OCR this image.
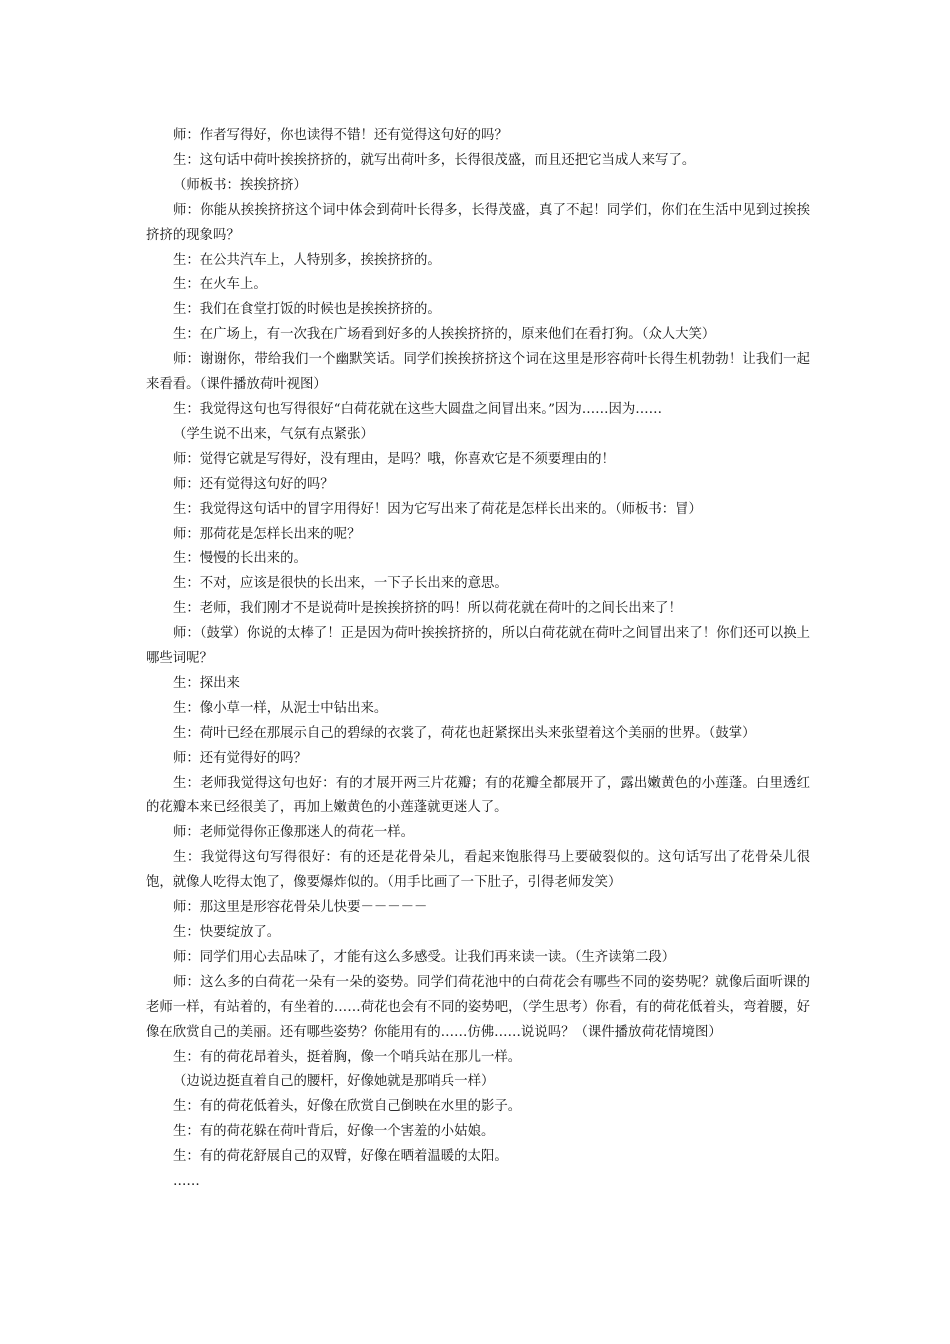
师：作者写得好，你也读得不错！还有觉得这句好的吗？

生：这句话中荷叶挨挨挤挤的，就写出荷叶多，长得很茂盛，而且还把它当成人来写了。

（师板书：挨挨挤挤）

师：你能从挨挨挤挤这个词中体会到荷叶长得多，长得茂盛，真了不起！同学们，你们在生活中见到过挨挨挤挤的现象吗？

生：在公共汽车上，人特别多，挨挨挤挤的。

生：在火车上。

生：我们在食堂打饭的时候也是挨挨挤挤的。

生：在广场上，有一次我在广场看到好多的人挨挨挤挤的，原来他们在看打狗。（众人大笑）

师：谢谢你，带给我们一个幽默笑话。同学们挨挨挤挤这个词在这里是形容荷叶长得生机勃勃！让我们一起来看看。（课件播放荷叶视图）

生：我觉得这句也写得很好“白荷花就在这些大圆盘之间冒出来。”因为……因为……

（学生说不出来，气氛有点紧张）

师：觉得它就是写得好，没有理由，是吗？哦，你喜欢它是不须要理由的！

师：还有觉得这句好的吗？

生：我觉得这句话中的冒字用得好！因为它写出来了荷花是怎样长出来的。（师板书：冒）

师：那荷花是怎样长出来的呢？

生：慢慢的长出来的。

生：不对，应该是很快的长出来，一下子长出来的意思。

生：老师，我们刚才不是说荷叶是挨挨挤挤的吗！所以荷花就在荷叶的之间长出来了！

师：（鼓掌）你说的太棒了！正是因为荷叶挨挨挤挤的，所以白荷花就在荷叶之间冒出来了！你们还可以换上哪些词呢？

生：探出来

生：像小草一样，从泥士中钻出来。

生：荷叶已经在那展示自己的碧绿的衣裳了，荷花也赶紧探出头来张望着这个美丽的世界。（鼓掌）

师：还有觉得好的吗？

生：老师我觉得这句也好：有的才展开两三片花瓣；有的花瓣全都展开了，露出嫩黄色的小莲蓬。白里透红的花瓣本来已经很美了，再加上嫩黄色的小莲蓬就更迷人了。

师：老师觉得你正像那迷人的荷花一样。

生：我觉得这句写得很好：有的还是花骨朵儿，看起来饱胀得马上要破裂似的。这句话写出了花骨朵儿很饱，就像人吃得太饱了，像要爆炸似的。（用手比画了一下肚子，引得老师发笑）

师：那这里是形容花骨朵儿快要－－－－－

生：快要绽放了。

师：同学们用心去品味了，才能有这么多感受。让我们再来读一读。（生齐读第二段）

师：这么多的白荷花一朵有一朵的姿势。同学们荷花池中的白荷花会有哪些不同的姿势呢？就像后面听课的老师一样，有站着的，有坐着的……荷花也会有不同的姿势吧，（学生思考）你看，有的荷花低着头，弯着腰，好像在欣赏自己的美丽。还有哪些姿势？你能用有的……仿佛……说说吗？（课件播放荷花情境图）

生：有的荷花昂着头，挺着胸，像一个哨兵站在那儿一样。

（边说边挺直着自己的腰杆，好像她就是那哨兵一样）

生：有的荷花低着头，好像在欣赏自己倒映在水里的影子。

生：有的荷花躲在荷叶背后，好像一个害羞的小姑娘。

生：有的荷花舒展自己的双臂，好像在晒着温暖的太阳。

……
